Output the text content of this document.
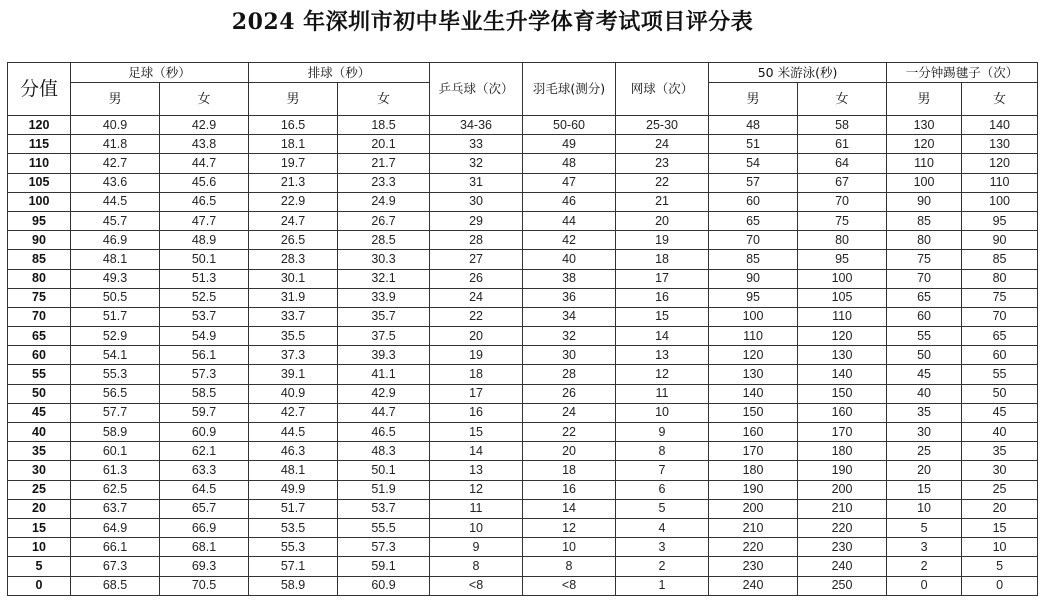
2024 年深圳市初中毕业生升学体育考试项目评分表
分值	足球（秒）		排球（秒）		乒乓球（次）	羽毛球(测分)	网球（次）	50 米游泳(秒)		一分钟踢毽子（次）	
	男	女	男	女				男	女	男	女
120	40.9	42.9	16.5	18.5	34-36	50-60	25-30	48	58	130	140
115	41.8	43.8	18.1	20.1	33	49	24	51	61	120	130
110	42.7	44.7	19.7	21.7	32	48	23	54	64	110	120
105	43.6	45.6	21.3	23.3	31	47	22	57	67	100	110
100	44.5	46.5	22.9	24.9	30	46	21	60	70	90	100
95	45.7	47.7	24.7	26.7	29	44	20	65	75	85	95
90	46.9	48.9	26.5	28.5	28	42	19	70	80	80	90
85	48.1	50.1	28.3	30.3	27	40	18	85	95	75	85
80	49.3	51.3	30.1	32.1	26	38	17	90	100	70	80
75	50.5	52.5	31.9	33.9	24	36	16	95	105	65	75
70	51.7	53.7	33.7	35.7	22	34	15	100	110	60	70
65	52.9	54.9	35.5	37.5	20	32	14	110	120	55	65
60	54.1	56.1	37.3	39.3	19	30	13	120	130	50	60
55	55.3	57.3	39.1	41.1	18	28	12	130	140	45	55
50	56.5	58.5	40.9	42.9	17	26	11	140	150	40	50
45	57.7	59.7	42.7	44.7	16	24	10	150	160	35	45
40	58.9	60.9	44.5	46.5	15	22	9	160	170	30	40
35	60.1	62.1	46.3	48.3	14	20	8	170	180	25	35
30	61.3	63.3	48.1	50.1	13	18	7	180	190	20	30
25	62.5	64.5	49.9	51.9	12	16	6	190	200	15	25
20	63.7	65.7	51.7	53.7	11	14	5	200	210	10	20
15	64.9	66.9	53.5	55.5	10	12	4	210	220	5	15
10	66.1	68.1	55.3	57.3	9	10	3	220	230	3	10
5	67.3	69.3	57.1	59.1	8	8	2	230	240	2	5
0	68.5	70.5	58.9	60.9	<8	<8	1	240	250	0	0
